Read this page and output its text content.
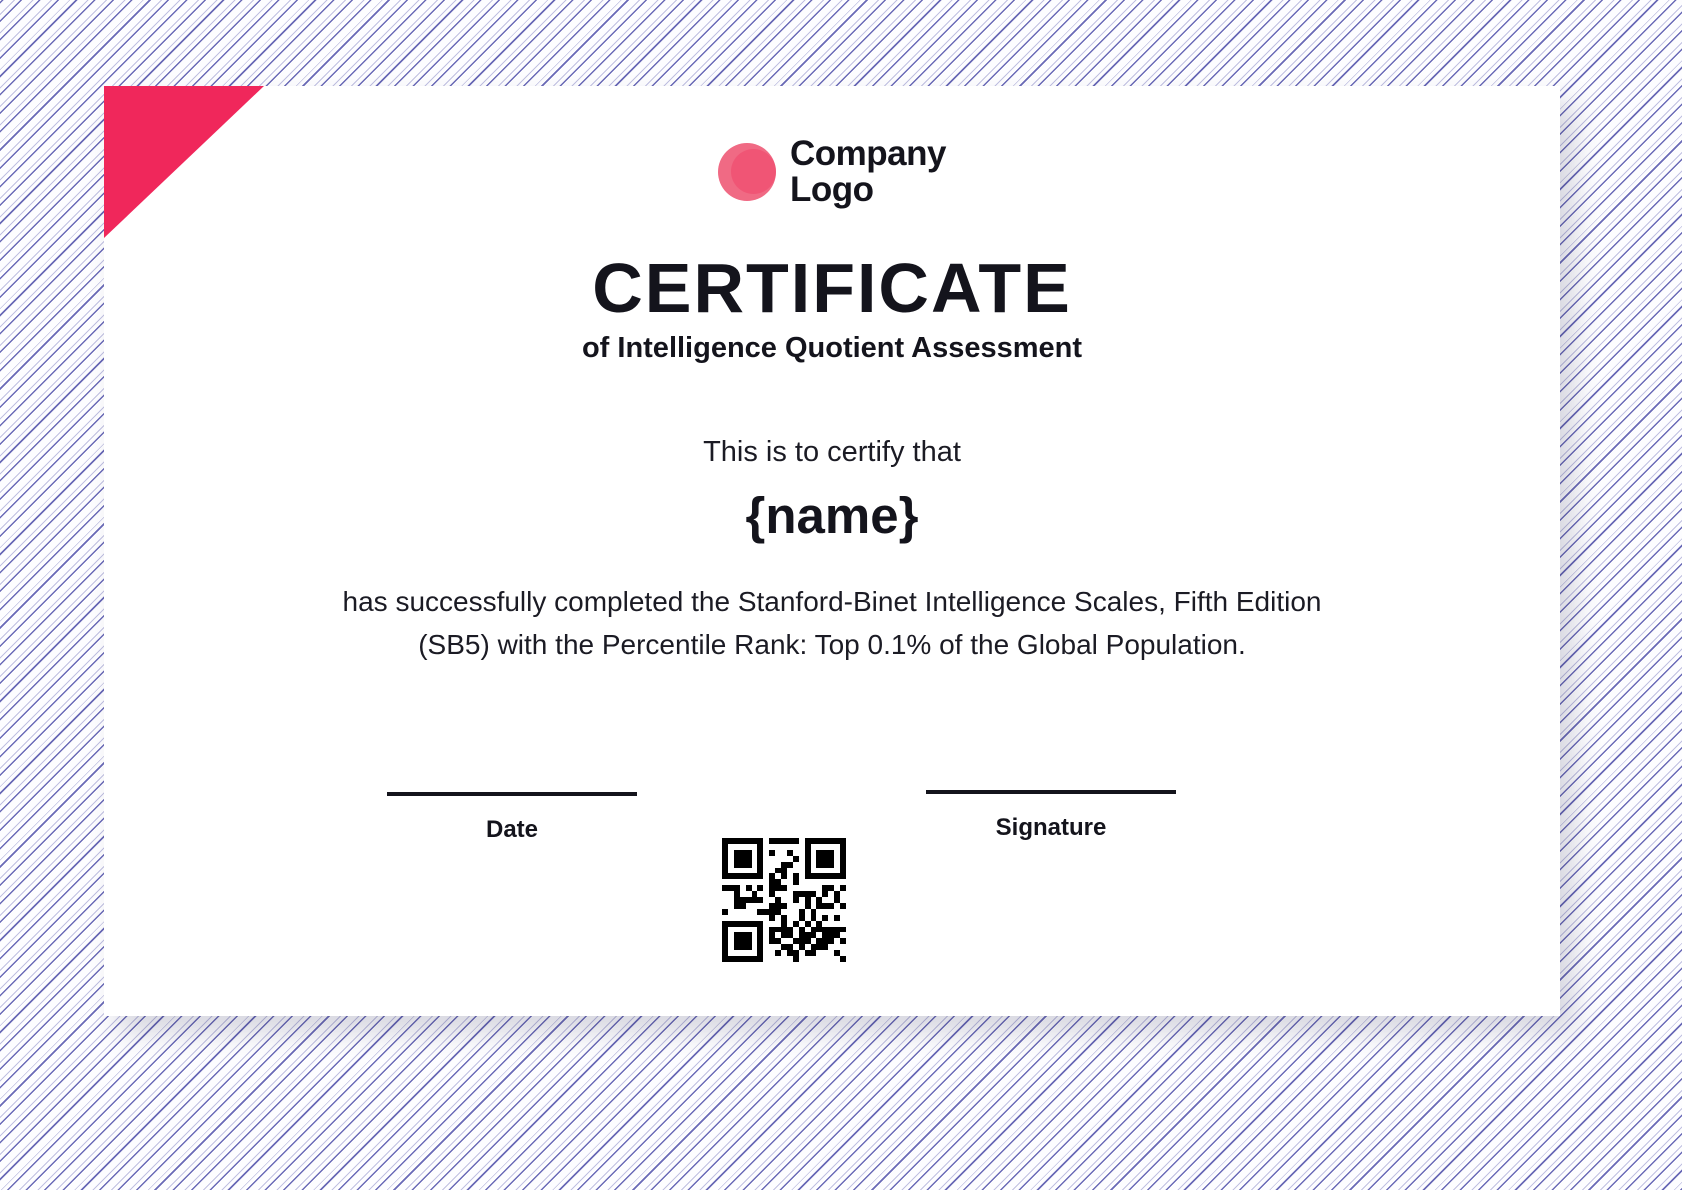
Company
Logo
CERTIFICATE
of Intelligence Quotient Assessment
This is to certify that
{name}
has successfully completed the Stanford-Binet Intelligence Scales, Fifth Edition (SB5) with the Percentile Rank: Top 0.1% of the Global Population.
Date	Signature
